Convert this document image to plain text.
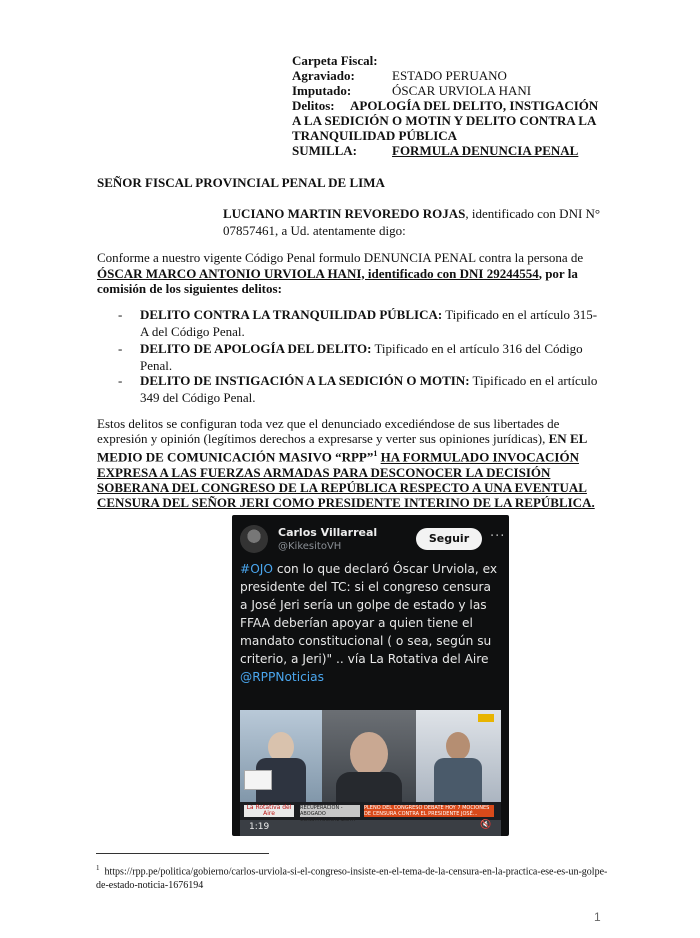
Carpeta Fiscal:
Agraviado:	ESTADO PERUANO
Imputado:	ÓSCAR URVIOLA HANI
Delitos: APOLOGÍA DEL DELITO, INSTIGACIÓN
A LA SEDICIÓN O MOTIN Y DELITO CONTRA LA
TRANQUILIDAD PÚBLICA
SUMILLA:	FORMULA DENUNCIA PENAL
SEÑOR FISCAL PROVINCIAL PENAL DE LIMA
LUCIANO MARTIN REVOREDO ROJAS, identificado con DNI N°
07857461, a Ud. atentamente digo:
Conforme a nuestro vigente Código Penal formulo DENUNCIA PENAL contra la persona de
ÓSCAR MARCO ANTONIO URVIOLA HANI, identificado con DNI 29244554, por la
comisión de los siguientes delitos:
- DELITO CONTRA LA TRANQUILIDAD PÚBLICA: Tipificado en el artículo 315-
A del Código Penal.
- DELITO DE APOLOGÍA DEL DELITO: Tipificado en el artículo 316 del Código
Penal.
- DELITO DE INSTIGACIÓN A LA SEDICIÓN O MOTIN: Tipificado en el artículo
349 del Código Penal.
Estos delitos se configuran toda vez que el denunciado excediéndose de sus libertades de
expresión y opinión (legítimos derechos a expresarse y verter sus opiniones jurídicas), EN EL
MEDIO DE COMUNICACIÓN MASIVO “RPP”$^1$ HA FORMULADO INVOCACIÓN
EXPRESA A LAS FUERZAS ARMADAS PARA DESCONOCER LA DECISIÓN
SOBERANA DEL CONGRESO DE LA REPÚBLICA RESPECTO A UNA EVENTUAL
CENSURA DEL SEÑOR JERI COMO PRESIDENTE INTERINO DE LA REPÚBLICA.
Carlos Villarreal
@KikesitoVH
Seguir	···
#OJO con lo que declaró Óscar Urviola, ex presidente del TC: si el congreso censura a José Jeri sería un golpe de estado y las FFAA deberían apoyar a quien tiene el mandato constitucional ( o sea, según su criterio, a Jeri)" .. vía La Rotativa del Aire
@RPPNoticias
La Rotativa del Aire
RECUPERACIÓN - ABOGADO CONSTITUCIONALISTA
PLENO DEL CONGRESO DEBATE HOY 7 MOCIONES DE CENSURA CONTRA EL PRESIDENTE JOSÉ...
🔇
1:19
$^1$ https://rpp.pe/politica/gobierno/carlos-urviola-si-el-congreso-insiste-en-el-tema-de-la-censura-en-la-practica-ese-es-un-golpe-de-estado-noticia-1676194
1
